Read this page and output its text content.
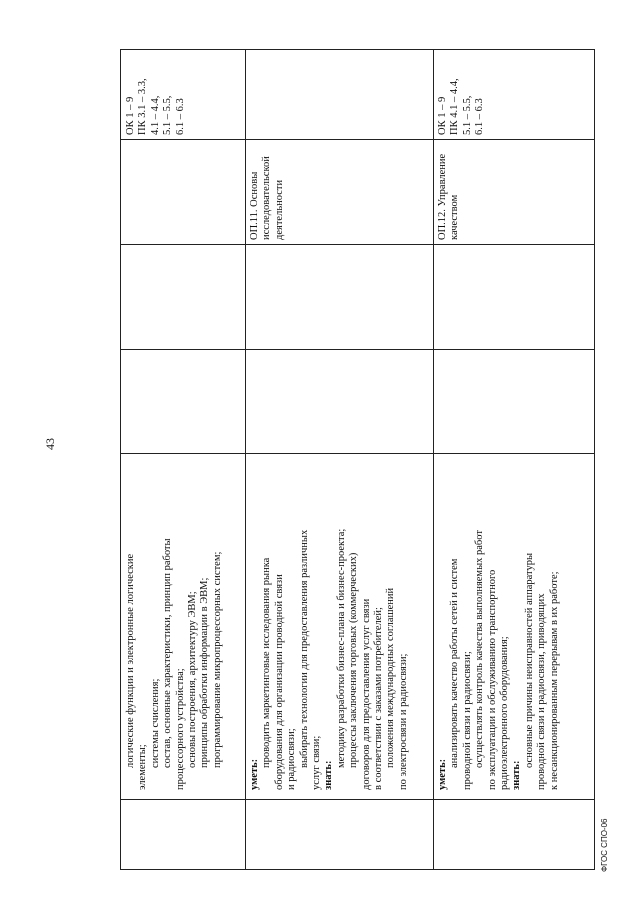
43
логические функции и электронные логические элементы; системы счисления; состав, основные характеристики, принцип работы процессорного устройства; основы построения, архитектуру ЭВМ; принципы обработки информации в ЭВМ; программирование микропроцессорных систем;
ОК 1 – 9 ПК 3.1 – 3.3, 4.1 – 4.4, 5.1 – 5.5, 6.1 – 6.3
уметь:
проводить маркетинговые исследования рынка оборудования для организации проводной связи и радиосвязи; выбирать технологии для предоставления различных услуг связи; знать:
методику разработки бизнес-плана и бизнес-проекта; процессы заключения торговых (коммерческих) договоров для предоставления услуг связи в соответствии с заказами потребителей; положения международных соглашений по электросвязи и радиосвязи;
ОП.11. Основы исследовательской деятельности
уметь:
анализировать качество работы сетей и систем проводной связи и радиосвязи; осуществлять контроль качества выполняемых работ по эксплуатации и обслуживанию транспортного радиоэлектронного оборудования; знать:
основные причины неисправностей аппаратуры проводной связи и радиосвязи, приводящих к несанкционированным перерывам в их работе;
ОП.12. Управление качеством
ОК 1 – 9 ПК 4.1 – 4.4, 5.1 – 5.5, 6.1 – 6.3
ФГОС СПО-06
